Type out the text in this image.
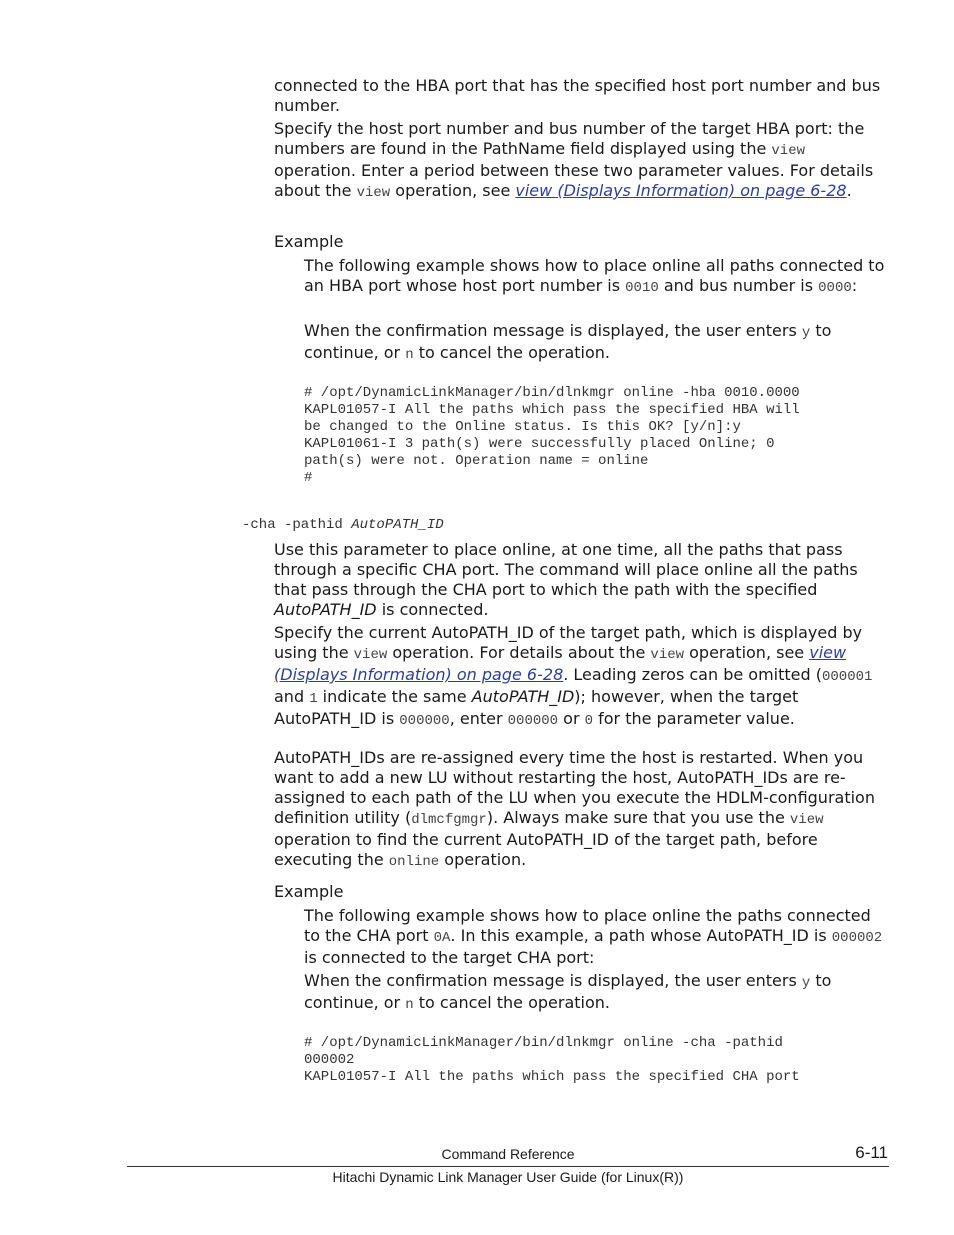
connected to the HBA port that has the specified host port number and bus number.

Specify the host port number and bus number of the target HBA port: the numbers are found in the PathName field displayed using the view operation. Enter a period between these two parameter values. For details about the view operation, see view (Displays Information) on page 6-28.

Example

The following example shows how to place online all paths connected to an HBA port whose host port number is 0010 and bus number is 0000:

When the confirmation message is displayed, the user enters y to continue, or n to cancel the operation.

# /opt/DynamicLinkManager/bin/dlnkmgr online -hba 0010.0000
KAPL01057-I All the paths which pass the specified HBA will
be changed to the Online status. Is this OK? [y/n]:y
KAPL01061-I 3 path(s) were successfully placed Online; 0
path(s) were not. Operation name = online
#

-cha -pathid AutoPATH_ID

Use this parameter to place online, at one time, all the paths that pass through a specific CHA port. The command will place online all the paths that pass through the CHA port to which the path with the specified AutoPATH_ID is connected.

Specify the current AutoPATH_ID of the target path, which is displayed by using the view operation. For details about the view operation, see view (Displays Information) on page 6-28. Leading zeros can be omitted (000001 and 1 indicate the same AutoPATH_ID); however, when the target AutoPATH_ID is 000000, enter 000000 or 0 for the parameter value.

AutoPATH_IDs are re-assigned every time the host is restarted. When you want to add a new LU without restarting the host, AutoPATH_IDs are re-assigned to each path of the LU when you execute the HDLM-configuration definition utility (dlmcfgmgr). Always make sure that you use the view operation to find the current AutoPATH_ID of the target path, before executing the online operation.

Example

The following example shows how to place online the paths connected to the CHA port 0A. In this example, a path whose AutoPATH_ID is 000002 is connected to the target CHA port:

When the confirmation message is displayed, the user enters y to continue, or n to cancel the operation.

# /opt/DynamicLinkManager/bin/dlnkmgr online -cha -pathid
000002
KAPL01057-I All the paths which pass the specified CHA port

Command Reference	6-11

Hitachi Dynamic Link Manager User Guide (for Linux(R))
